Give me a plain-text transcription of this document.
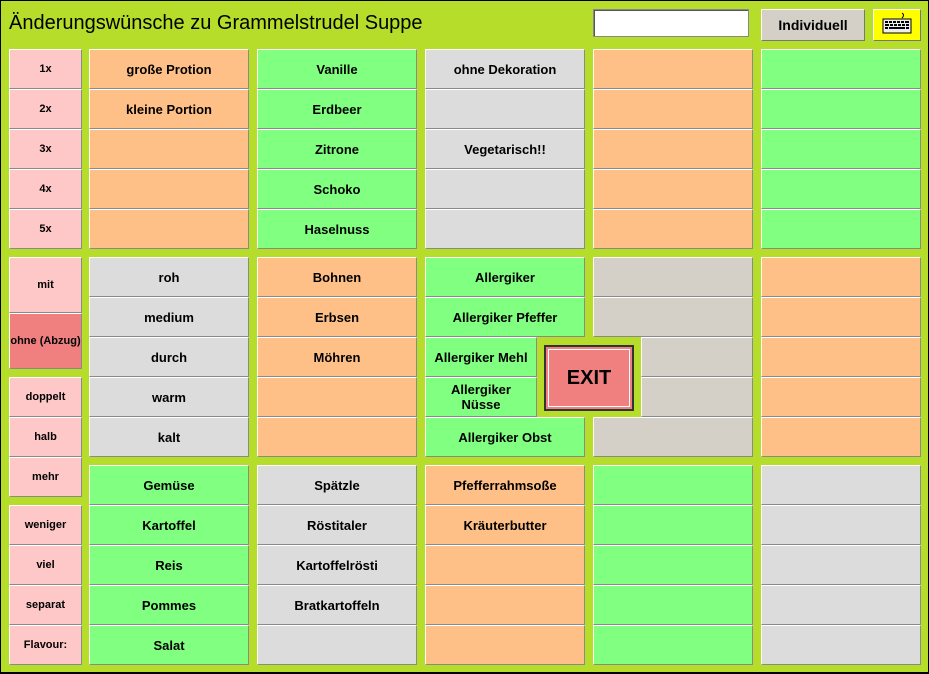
Änderungswünsche zu Grammelstrudel Suppe	Individuell
1x
2x
3x
4x
5x
mit
ohne (Abzug)
doppelt
halb
mehr
weniger
viel
separat
Flavour:
große Protion
kleine Portion
roh
medium
durch
warm
kalt
Gemüse
Kartoffel
Reis
Pommes
Salat
Vanille
Erdbeer
Zitrone
Schoko
Haselnuss
Bohnen
Erbsen
Möhren
Spätzle
Röstitaler
Kartoffelrösti
Bratkartoffeln
ohne Dekoration
Vegetarisch!!
Allergiker
Allergiker Pfeffer
Allergiker Mehl
Allergiker Nüsse
Allergiker Obst
Pfefferrahmsoße
Kräuterbutter
EXIT
